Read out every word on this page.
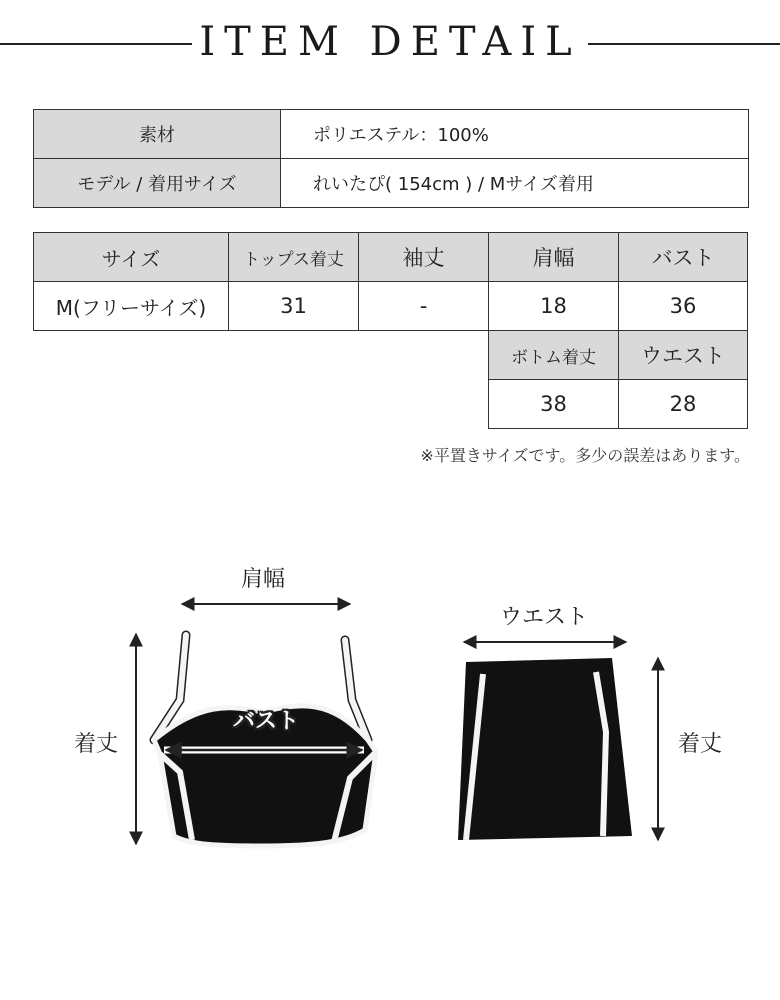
ITEM DETAIL
素材	ポリエステル：100%
モデル / 着用サイズ	れいたぴ( 154cm ) / Mサイズ着用
サイズ	トップス着丈	袖丈	肩幅	バスト
M(フリーサイズ)	31	-	18	36
			ボトム着丈	ウエスト
			38	28
※平置きサイズです。多少の誤差はあります。
肩幅
バスト
着丈
ウエスト
着丈
